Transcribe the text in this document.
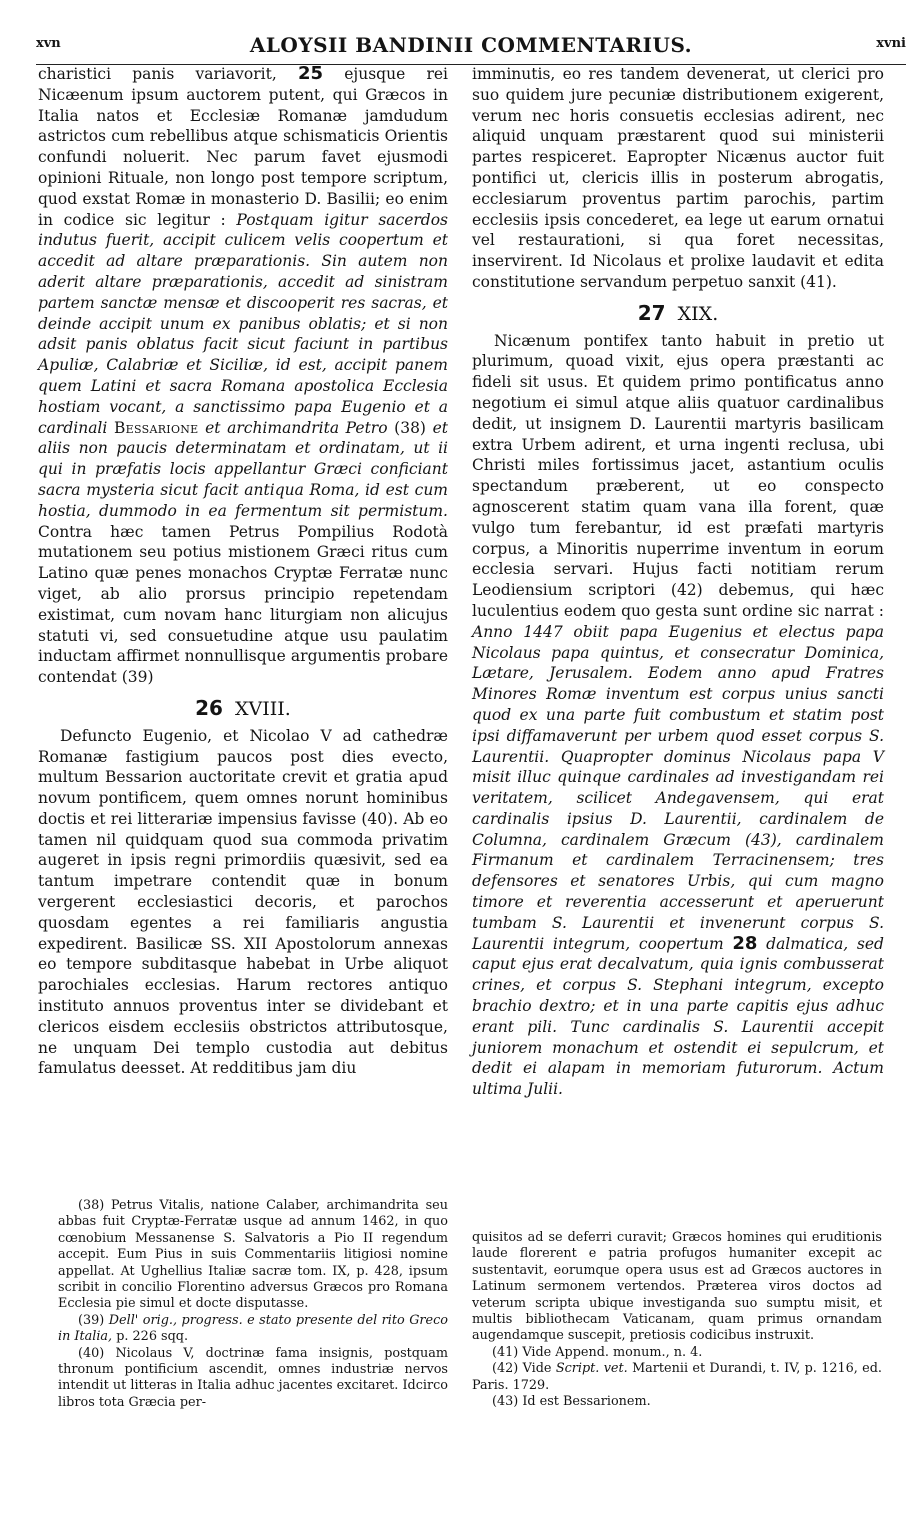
xvn	ALOYSII BANDINII COMMENTARIUS.	xvni

charistici panis variavorit, 25 ejusque rei Nicæenum ipsum auctorem putent, qui Græcos in Italia natos et Ecclesiæ Romanæ jamdudum astrictos cum rebellibus atque schismaticis Orientis confundi noluerit. Nec parum favet ejusmodi opinioni Rituale, non longo post tempore scriptum, quod exstat Romæ in monasterio D. Basilii; eo enim in codice sic legitur : Postquam igitur sacerdos indutus fuerit, accipit culicem velis coopertum et accedit ad altare præparationis. Sin autem non aderit altare præparationis, accedit ad sinistram partem sanctæ mensæ et discooperit res sacras, et deinde accipit unum ex panibus oblatis; et si non adsit panis oblatus facit sicut faciunt in partibus Apuliæ, Calabriæ et Siciliæ, id est, accipit panem quem Latini et sacra Romana apostolica Ecclesia hostiam vocant, a sanctissimo papa Eugenio et a cardinali Bessarione et archimandrita Petro (38) et aliis non paucis determinatam et ordinatam, ut ii qui in præfatis locis appellantur Græci conficiant sacra mysteria sicut facit antiqua Roma, id est cum hostia, dummodo in ea fermentum sit permistum. Contra hæc tamen Petrus Pompilius Rodotà mutationem seu potius mistionem Græci ritus cum Latino quæ penes monachos Cryptæ Ferratæ nunc viget, ab alio prorsus principio repetendam existimat, cum novam hanc liturgiam non alicujus statuti vi, sed consuetudine atque usu paulatim inductam affirmet nonnullisque argumentis probare contendat (39)

26 XVIII.

Defuncto Eugenio, et Nicolao V ad cathedræ Romanæ fastigium paucos post dies evecto, multum Bessarion auctoritate crevit et gratia apud novum pontificem, quem omnes norunt hominibus doctis et rei litterariæ impensius favisse (40). Ab eo tamen nil quidquam quod sua commoda privatim augeret in ipsis regni primordiis quæsivit, sed ea tantum impetrare contendit quæ in bonum vergerent ecclesiastici decoris, et parochos quosdam egentes a rei familiaris angustia expedirent. Basilicæ SS. XII Apostolorum annexas eo tempore subditasque habebat in Urbe aliquot parochiales ecclesias. Harum rectores antiquo instituto annuos proventus inter se dividebant et clericos eisdem ecclesiis obstrictos attributosque, ne unquam Dei templo custodia aut debitus famulatus deesset. At redditibus jam diu

imminutis, eo res tandem devenerat, ut clerici pro suo quidem jure pecuniæ distributionem exigerent, verum nec horis consuetis ecclesias adirent, nec aliquid unquam præstarent quod sui ministerii partes respiceret. Eapropter Nicænus auctor fuit pontifici ut, clericis illis in posterum abrogatis, ecclesiarum proventus partim parochis, partim ecclesiis ipsis concederet, ea lege ut earum ornatui vel restaurationi, si qua foret necessitas, inservirent. Id Nicolaus et prolixe laudavit et edita constitutione servandum perpetuo sanxit (41).

27 XIX.

Nicænum pontifex tanto habuit in pretio ut plurimum, quoad vixit, ejus opera præstanti ac fideli sit usus. Et quidem primo pontificatus anno negotium ei simul atque aliis quatuor cardinalibus dedit, ut insignem D. Laurentii martyris basilicam extra Urbem adirent, et urna ingenti reclusa, ubi Christi miles fortissimus jacet, astantium oculis spectandum præberent, ut eo conspecto agnoscerent statim quam vana illa forent, quæ vulgo tum ferebantur, id est præfati martyris corpus, a Minoritis nuperrime inventum in eorum ecclesia servari. Hujus facti notitiam rerum Leodiensium scriptori (42) debemus, qui hæc luculentius eodem quo gesta sunt ordine sic narrat : Anno 1447 obiit papa Eugenius et electus papa Nicolaus papa quintus, et consecratur Dominica, Lætare, Jerusalem. Eodem anno apud Fratres Minores Romæ inventum est corpus unius sancti quod ex una parte fuit combustum et statim post ipsi diffamaverunt per urbem quod esset corpus S. Laurentii. Quapropter dominus Nicolaus papa V misit illuc quinque cardinales ad investigandam rei veritatem, scilicet Andegavensem, qui erat cardinalis ipsius D. Laurentii, cardinalem de Columna, cardinalem Græcum (43), cardinalem Firmanum et cardinalem Terracinensem; tres defensores et senatores Urbis, qui cum magno timore et reverentia accesserunt et aperuerunt tumbam S. Laurentii et invenerunt corpus S. Laurentii integrum, coopertum 28 dalmatica, sed caput ejus erat decalvatum, quia ignis combusserat crines, et corpus S. Stephani integrum, excepto brachio dextro; et in una parte capitis ejus adhuc erant pili. Tunc cardinalis S. Laurentii accepit juniorem monachum et ostendit ei sepulcrum, et dedit ei alapam in memoriam futurorum. Actum ultima Julii.

(38) Petrus Vitalis, natione Calaber, archimandrita seu abbas fuit Cryptæ-Ferratæ usque ad annum 1462, in quo cœnobium Messanense S. Salvatoris a Pio II regendum accepit. Eum Pius in suis Commentariis litigiosi nomine appellat. At Ughellius Italiæ sacræ tom. IX, p. 428, ipsum scribit in concilio Florentino adversus Græcos pro Romana Ecclesia pie simul et docte disputasse.

(39) Dell' orig., progress. e stato presente del rito Greco in Italia, p. 226 sqq.

(40) Nicolaus V, doctrinæ fama insignis, postquam thronum pontificium ascendit, omnes industriæ nervos intendit ut litteras in Italia adhuc jacentes excitaret. Idcirco libros tota Græcia per-

quisitos ad se deferri curavit; Græcos homines qui eruditionis laude florerent e patria profugos humaniter excepit ac sustentavit, eorumque opera usus est ad Græcos auctores in Latinum sermonem vertendos. Præterea viros doctos ad veterum scripta ubique investiganda suo sumptu misit, et multis bibliothecam Vaticanam, quam primus ornandam augendamque suscepit, pretiosis codicibus instruxit.

(41) Vide Append. monum., n. 4.

(42) Vide Script. vet. Martenii et Durandi, t. IV, p. 1216, ed. Paris. 1729.

(43) Id est Bessarionem.
